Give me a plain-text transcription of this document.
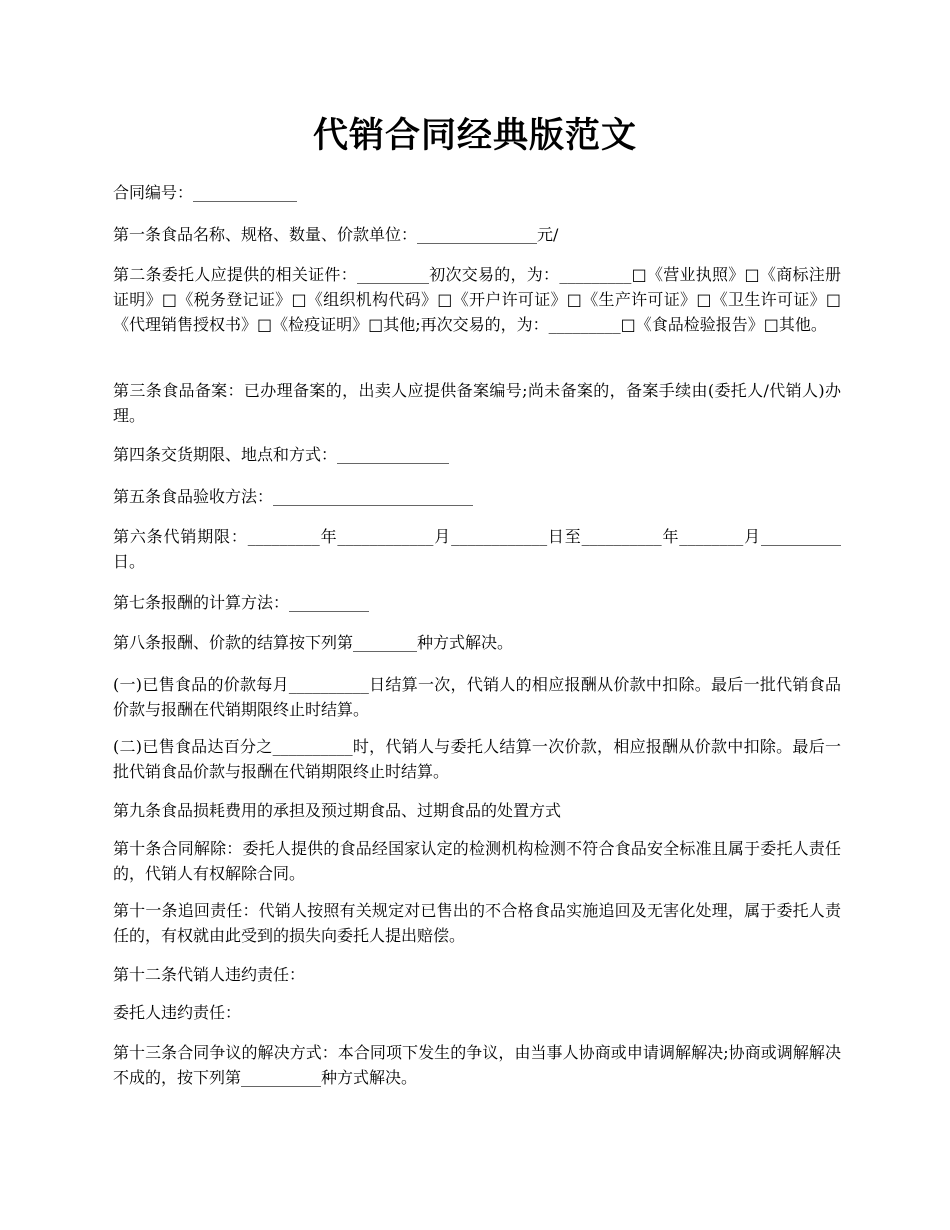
代销合同经典版范文

合同编号：_____________

第一条食品名称、规格、数量、价款单位：_______________元/

第二条委托人应提供的相关证件：_________初次交易的，为：_________□《营业执照》□《商标注册证明》□《税务登记证》□《组织机构代码》□《开户许可证》□《生产许可证》□《卫生许可证》□《代理销售授权书》□《检疫证明》□其他;再次交易的，为：_________□《食品检验报告》□其他。

第三条食品备案：已办理备案的，出卖人应提供备案编号;尚未备案的，备案手续由(委托人/代销人)办理。

第四条交货期限、地点和方式：______________

第五条食品验收方法：_________________________

第六条代销期限：_________年____________月____________日至__________年________月__________日。

第七条报酬的计算方法：__________

第八条报酬、价款的结算按下列第________种方式解决。

(一)已售食品的价款每月__________日结算一次，代销人的相应报酬从价款中扣除。最后一批代销食品价款与报酬在代销期限终止时结算。

(二)已售食品达百分之__________时，代销人与委托人结算一次价款，相应报酬从价款中扣除。最后一批代销食品价款与报酬在代销期限终止时结算。

第九条食品损耗费用的承担及预过期食品、过期食品的处置方式

第十条合同解除：委托人提供的食品经国家认定的检测机构检测不符合食品安全标准且属于委托人责任的，代销人有权解除合同。

第十一条追回责任：代销人按照有关规定对已售出的不合格食品实施追回及无害化处理，属于委托人责任的，有权就由此受到的损失向委托人提出赔偿。

第十二条代销人违约责任：

委托人违约责任：

第十三条合同争议的解决方式：本合同项下发生的争议，由当事人协商或申请调解解决;协商或调解解决不成的，按下列第__________种方式解决。
